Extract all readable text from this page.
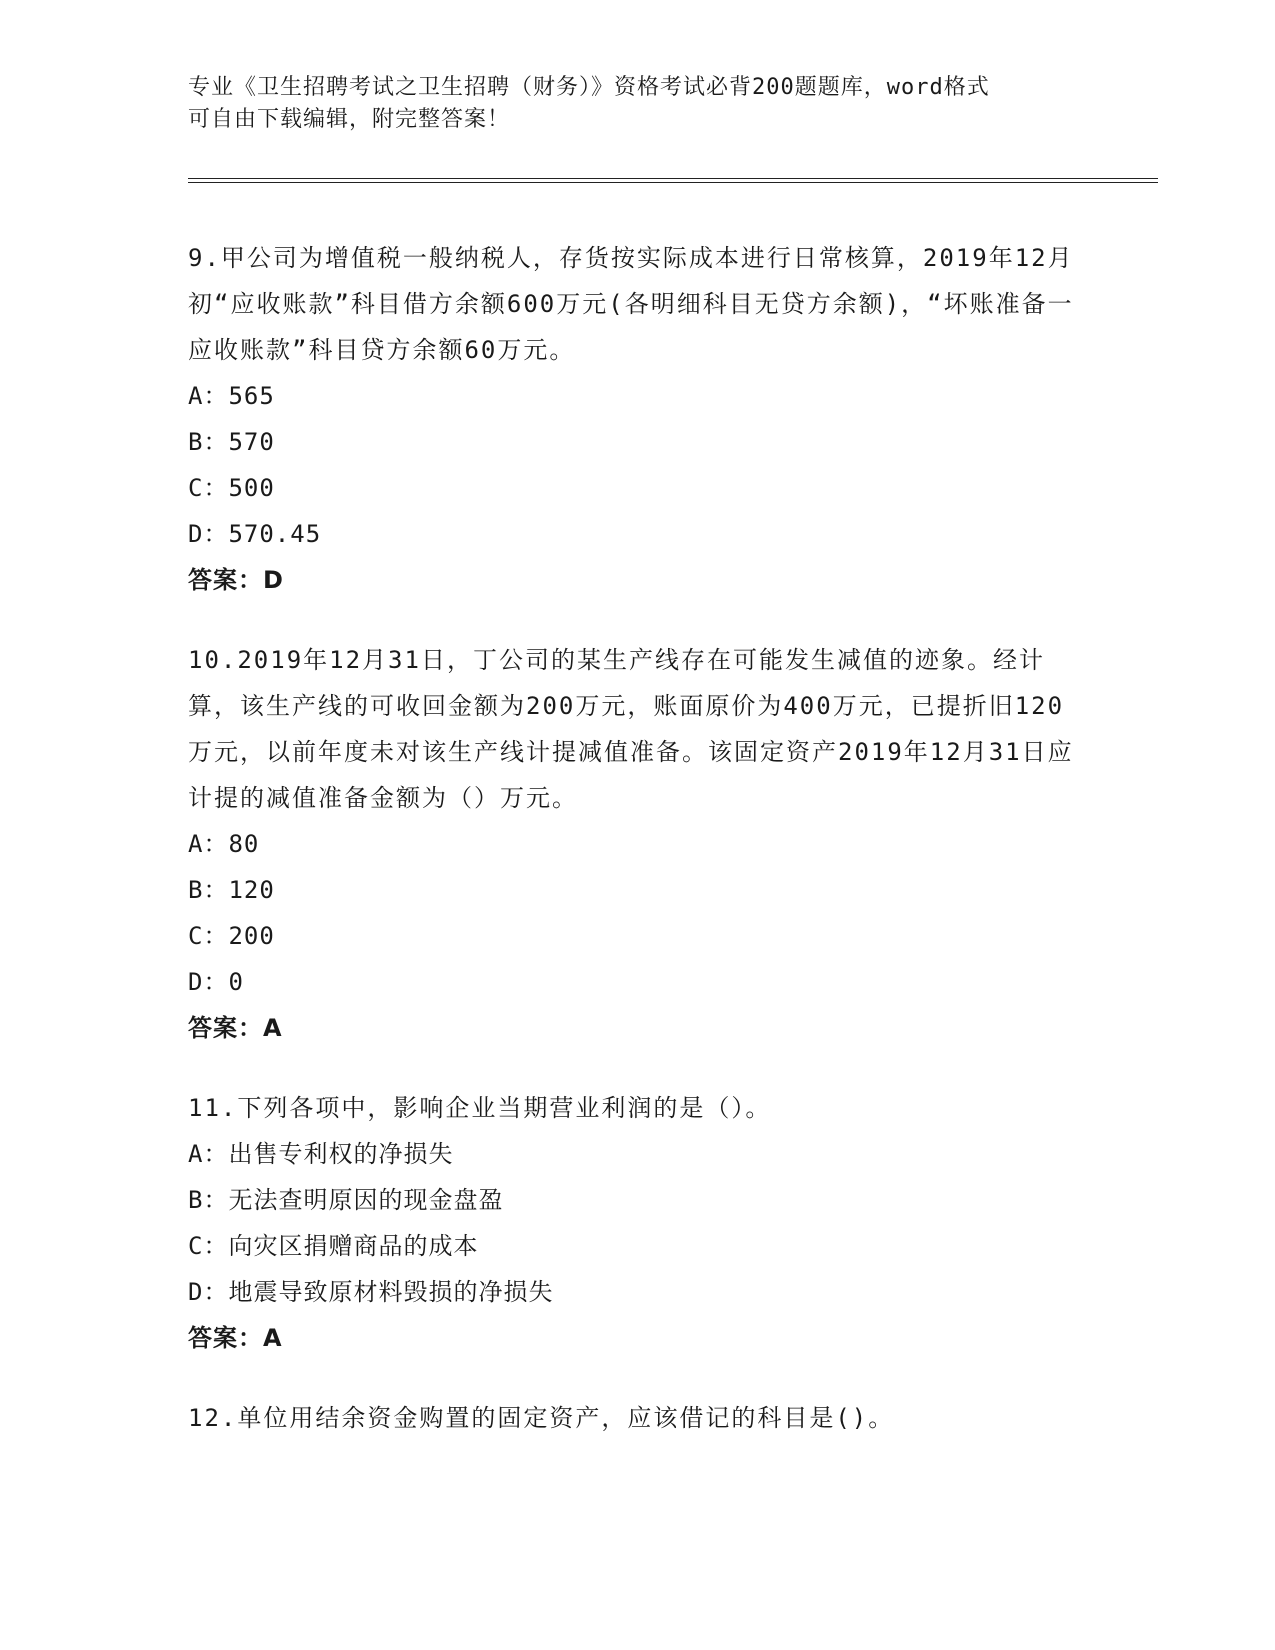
专业《卫生招聘考试之卫生招聘（财务）》资格考试必背200题题库，word格式
可自由下载编辑，附完整答案！

9.甲公司为增值税一般纳税人，存货按实际成本进行日常核算，2019年12月初“应收账款”科目借方余额600万元(各明细科目无贷方余额)，“坏账准备一应收账款”科目贷方余额60万元。

A：565

B：570

C：500

D：570.45

答案：D

10.2019年12月31日，丁公司的某生产线存在可能发生减值的迹象。经计算，该生产线的可收回金额为200万元，账面原价为400万元，已提折旧120万元，以前年度未对该生产线计提减值准备。该固定资产2019年12月31日应计提的减值准备金额为（）万元。

A：80

B：120

C：200

D：0

答案：A

11.下列各项中，影响企业当期营业利润的是（）。

A：出售专利权的净损失

B：无法查明原因的现金盘盈

C：向灾区捐赠商品的成本

D：地震导致原材料毁损的净损失

答案：A

12.单位用结余资金购置的固定资产，应该借记的科目是()。
